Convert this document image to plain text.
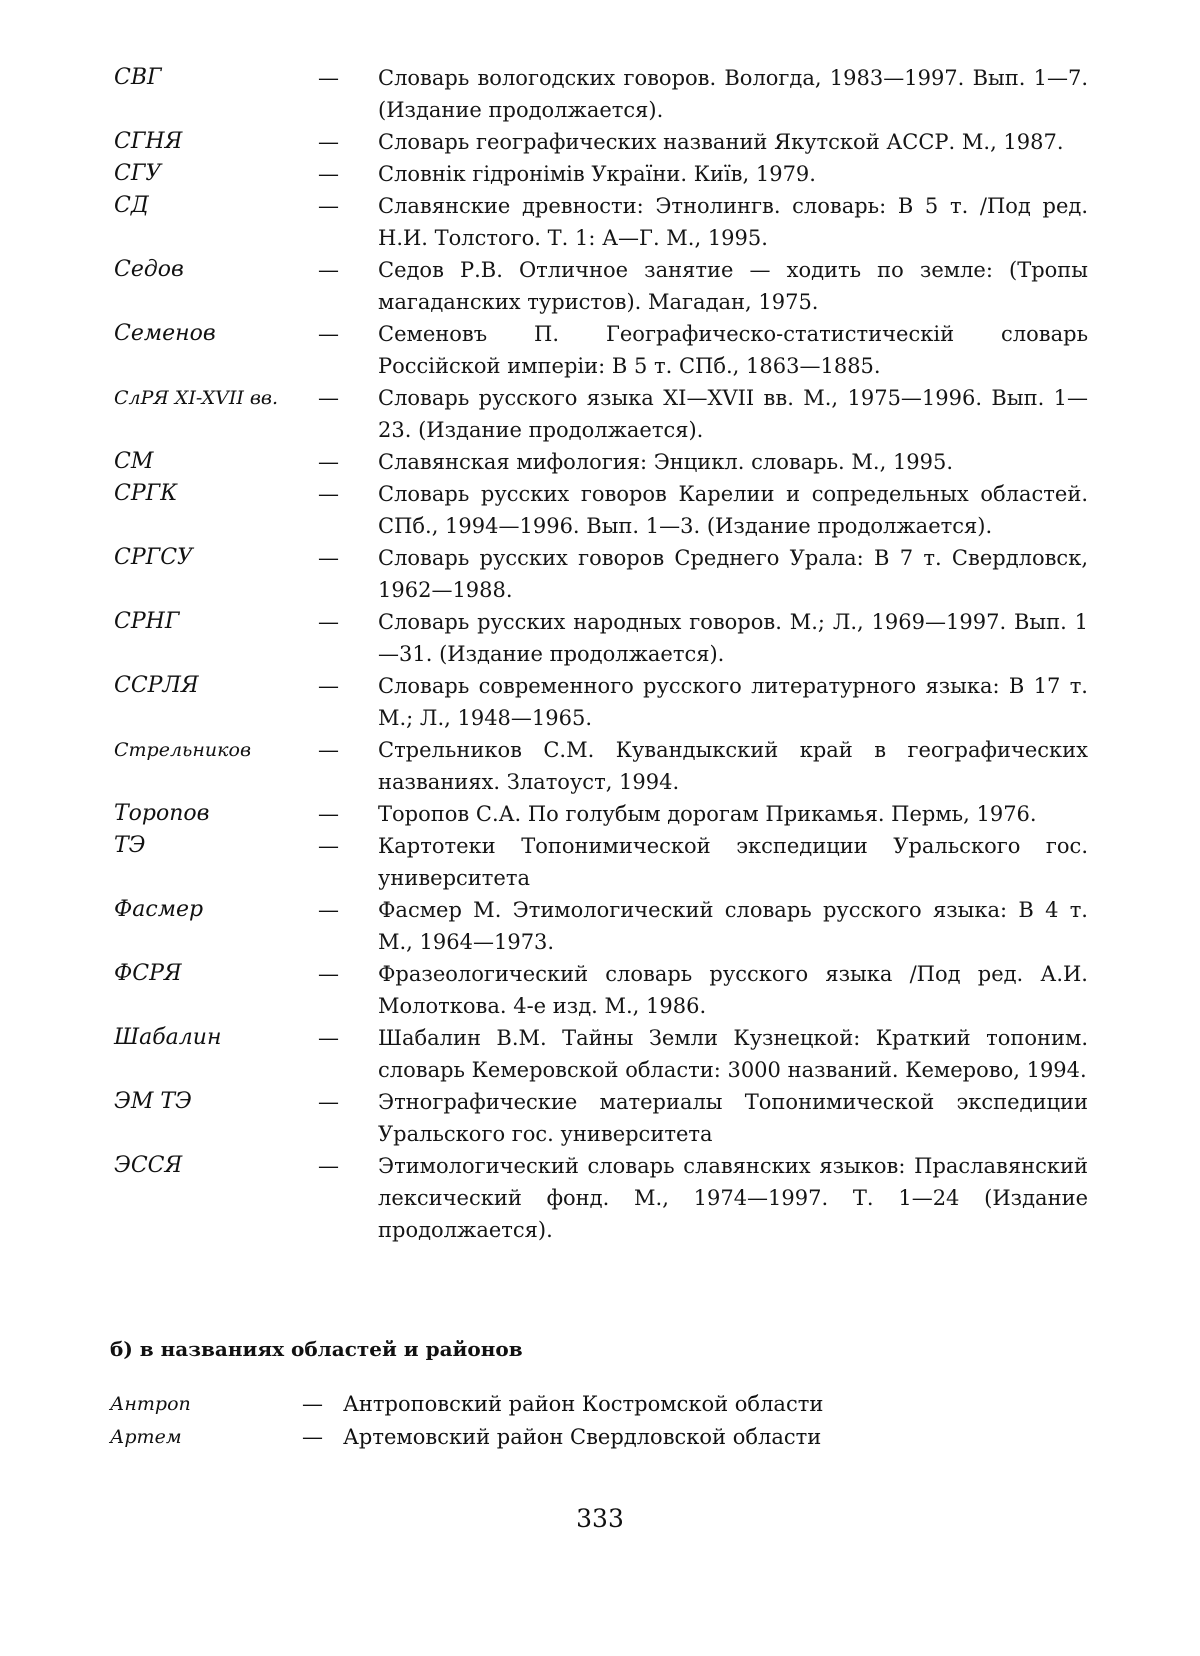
СВГ	— Словарь вологодских говоров. Вологда, 1983—1997. Вып. 1—7. (Издание продолжается).
СГНЯ	— Словарь географических названий Якутской АССР. М., 1987.
СГУ	— Словнік гідронімів України. Київ, 1979.
СД	— Славянские древности: Этнолингв. словарь: В 5 т. /Под ред. Н.И. Толстого. Т. 1: А—Г. М., 1995.
Седов	— Седов Р.В. Отличное занятие — ходить по земле: (Тропы магаданских туристов). Магадан, 1975.
Семенов	— Семеновъ П. Географическо-статистическій словарь Россійской имперіи: В 5 т. СПб., 1863—1885.
СлРЯ XI-XVII вв. — Словарь русского языка XI—XVII вв. М., 1975—1996. Вып. 1—23. (Издание продолжается).
СМ	— Славянская мифология: Энцикл. словарь. М., 1995.
СРГК	— Словарь русских говоров Карелии и сопредельных областей. СПб., 1994—1996. Вып. 1—3. (Издание продолжается).
СРГСУ	— Словарь русских говоров Среднего Урала: В 7 т. Свердловск, 1962—1988.
СРНГ	— Словарь русских народных говоров. М.; Л., 1969—1997. Вып. 1—31. (Издание продолжается).
ССРЛЯ	— Словарь современного русского литературного языка: В 17 т. М.; Л., 1948—1965.
Стрельников	— Стрельников С.М. Кувандыкский край в географических названиях. Златоуст, 1994.
Торопов	— Торопов С.А. По голубым дорогам Прикамья. Пермь, 1976.
ТЭ	— Картотеки Топонимической экспедиции Уральского гос. университета
Фасмер	— Фасмер М. Этимологический словарь русского языка: В 4 т. М., 1964—1973.
ФСРЯ	— Фразеологический словарь русского языка /Под ред. А.И. Молоткова. 4-е изд. М., 1986.
Шабалин	— Шабалин В.М. Тайны Земли Кузнецкой: Краткий топоним. словарь Кемеровской области: 3000 названий. Кемерово, 1994.
ЭМ ТЭ	— Этнографические материалы Топонимической экспедиции Уральского гос. университета
ЭССЯ	— Этимологический словарь славянских языков: Праславянский лексический фонд. М., 1974—1997. Т. 1—24 (Издание продолжается).
б) в названиях областей и районов
Антроп	— Антроповский район Костромской области
Артем	— Артемовский район Свердловской области
333
